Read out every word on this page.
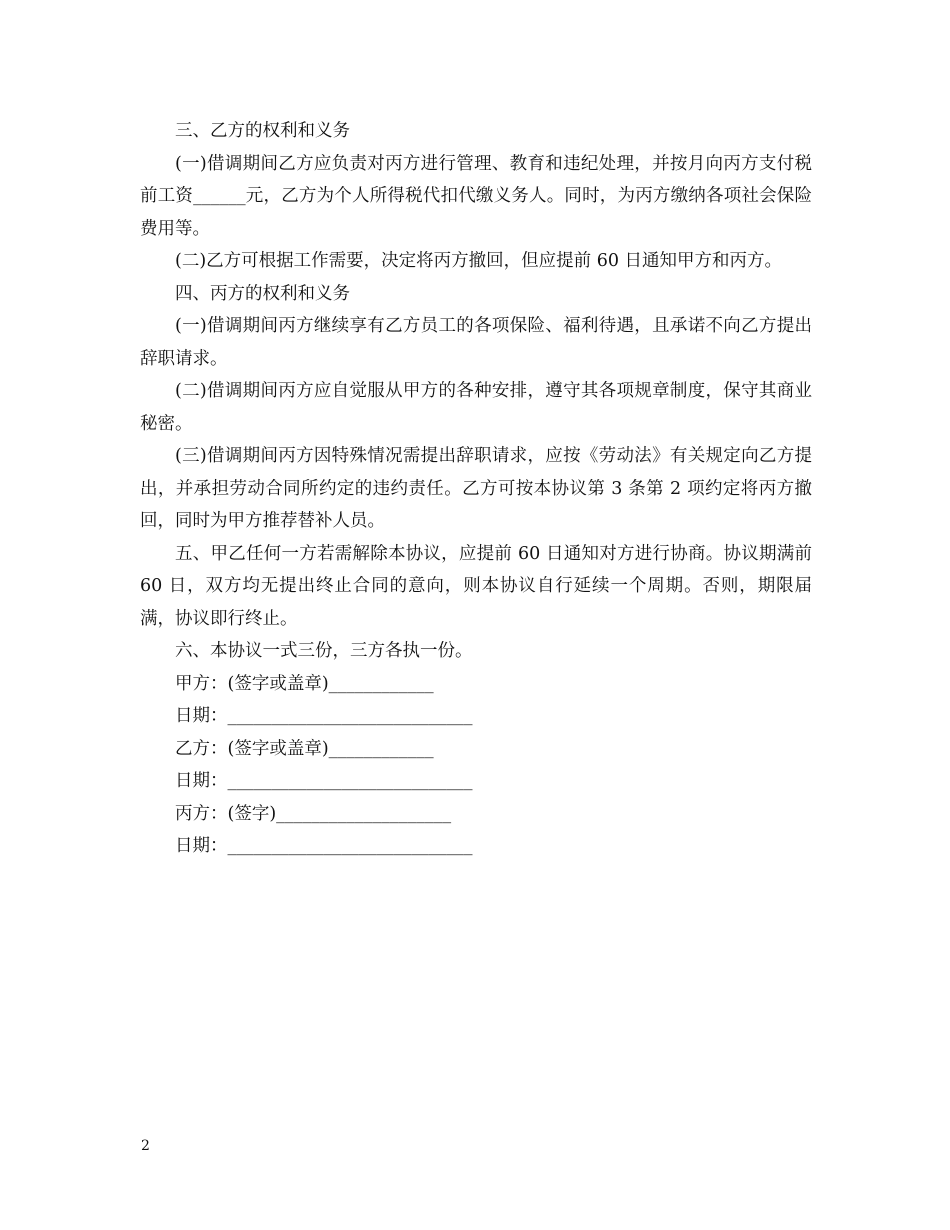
三、乙方的权利和义务

(一)借调期间乙方应负责对丙方进行管理、教育和违纪处理，并按月向丙方支付税前工资______元，乙方为个人所得税代扣代缴义务人。同时，为丙方缴纳各项社会保险费用等。

(二)乙方可根据工作需要，决定将丙方撤回，但应提前 60 日通知甲方和丙方。

四、丙方的权利和义务

(一)借调期间丙方继续享有乙方员工的各项保险、福利待遇，且承诺不向乙方提出辞职请求。

(二)借调期间丙方应自觉服从甲方的各种安排，遵守其各项规章制度，保守其商业秘密。

(三)借调期间丙方因特殊情况需提出辞职请求，应按《劳动法》有关规定向乙方提出，并承担劳动合同所约定的违约责任。乙方可按本协议第 3 条第 2 项约定将丙方撤回，同时为甲方推荐替补人员。

五、甲乙任何一方若需解除本协议，应提前 60 日通知对方进行协商。协议期满前 60 日，双方均无提出终止合同的意向，则本协议自行延续一个周期。否则，期限届满，协议即行终止。

六、本协议一式三份，三方各执一份。

甲方：(签字或盖章)____________

日期：____________________________

乙方：(签字或盖章)____________

日期：____________________________

丙方：(签字)____________________

日期：____________________________

2
